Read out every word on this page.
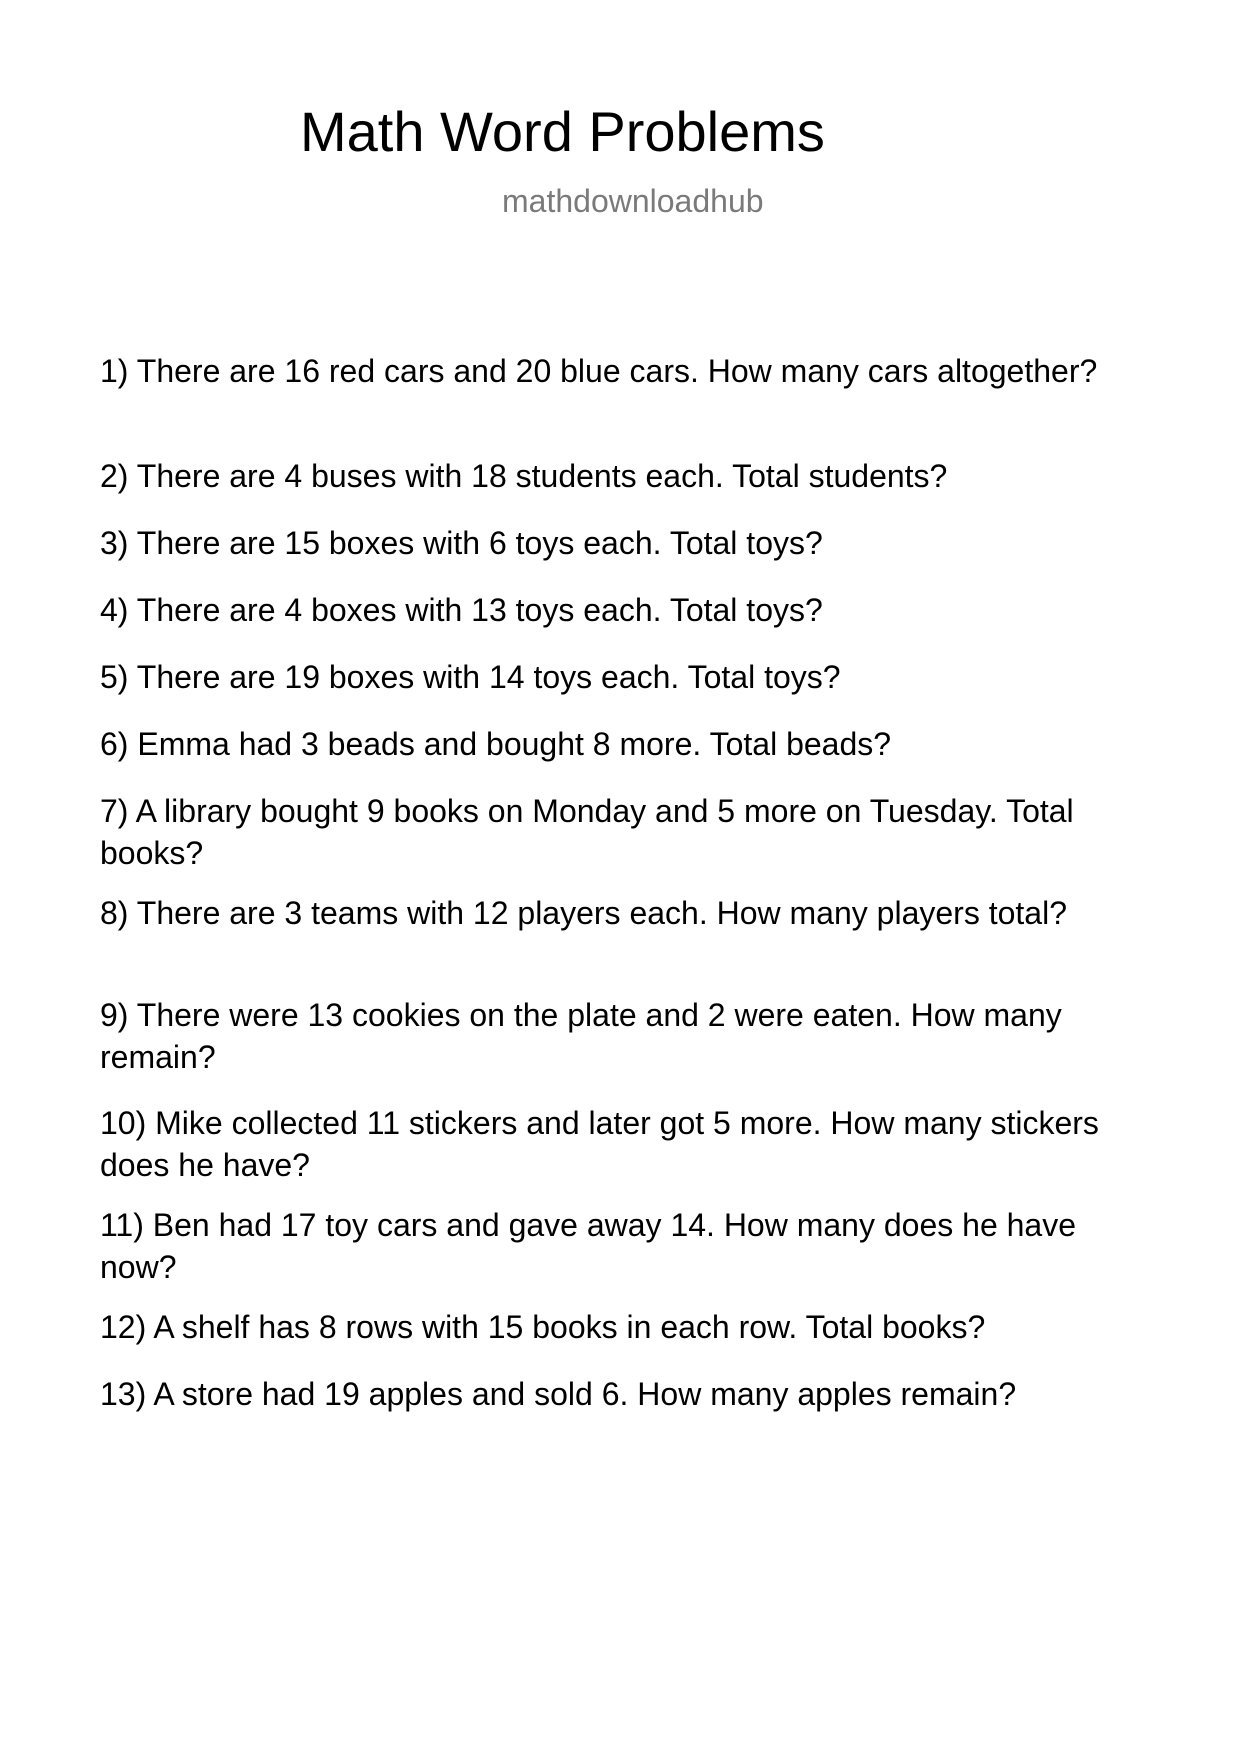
Math Word Problems
mathdownloadhub

1) There are 16 red cars and 20 blue cars. How many cars altogether?

2) There are 4 buses with 18 students each. Total students?

3) There are 15 boxes with 6 toys each. Total toys?

4) There are 4 boxes with 13 toys each. Total toys?

5) There are 19 boxes with 14 toys each. Total toys?

6) Emma had 3 beads and bought 8 more. Total beads?

7) A library bought 9 books on Monday and 5 more on Tuesday. Total books?

8) There are 3 teams with 12 players each. How many players total?

9) There were 13 cookies on the plate and 2 were eaten. How many remain?

10) Mike collected 11 stickers and later got 5 more. How many stickers does he have?

11) Ben had 17 toy cars and gave away 14. How many does he have now?

12) A shelf has 8 rows with 15 books in each row. Total books?

13) A store had 19 apples and sold 6. How many apples remain?
